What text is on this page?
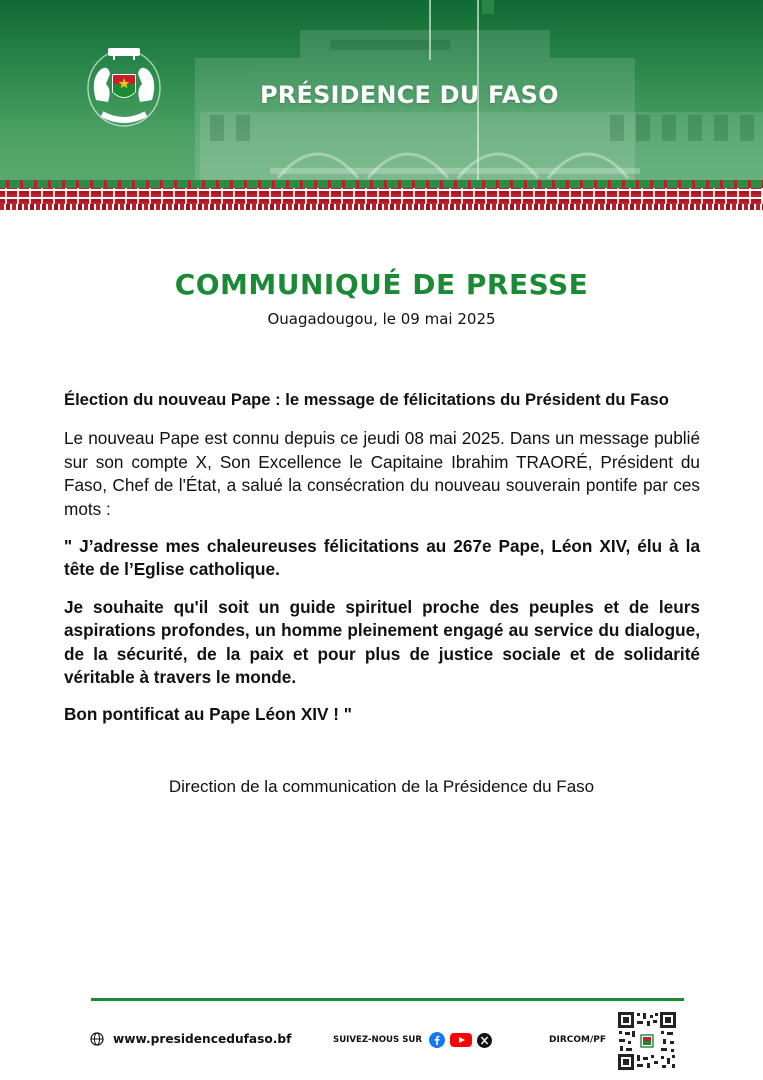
PRÉSIDENCE DU FASO
COMMUNIQUÉ DE PRESSE
Ouagadougou, le 09 mai 2025

Élection du nouveau Pape : le message de félicitations du Président du Faso

Le nouveau Pape est connu depuis ce jeudi 08 mai 2025. Dans un message publié sur son compte X, Son Excellence le Capitaine Ibrahim TRAORÉ, Président du Faso, Chef de l'État, a salué la consécration du nouveau souverain pontife par ces mots :

" J’adresse mes chaleureuses félicitations au 267e Pape, Léon XIV, élu à la tête de l’Eglise catholique.

Je souhaite qu'il soit un guide spirituel proche des peuples et de leurs aspirations profondes, un homme pleinement engagé au service du dialogue, de la sécurité, de la paix et pour plus de justice sociale et de solidarité véritable à travers le monde.

Bon pontificat au Pape Léon XIV ! "

Direction de la communication de la Présidence du Faso
www.presidencedufaso.bf	SUIVEZ-NOUS SUR	DIRCOM/PF
